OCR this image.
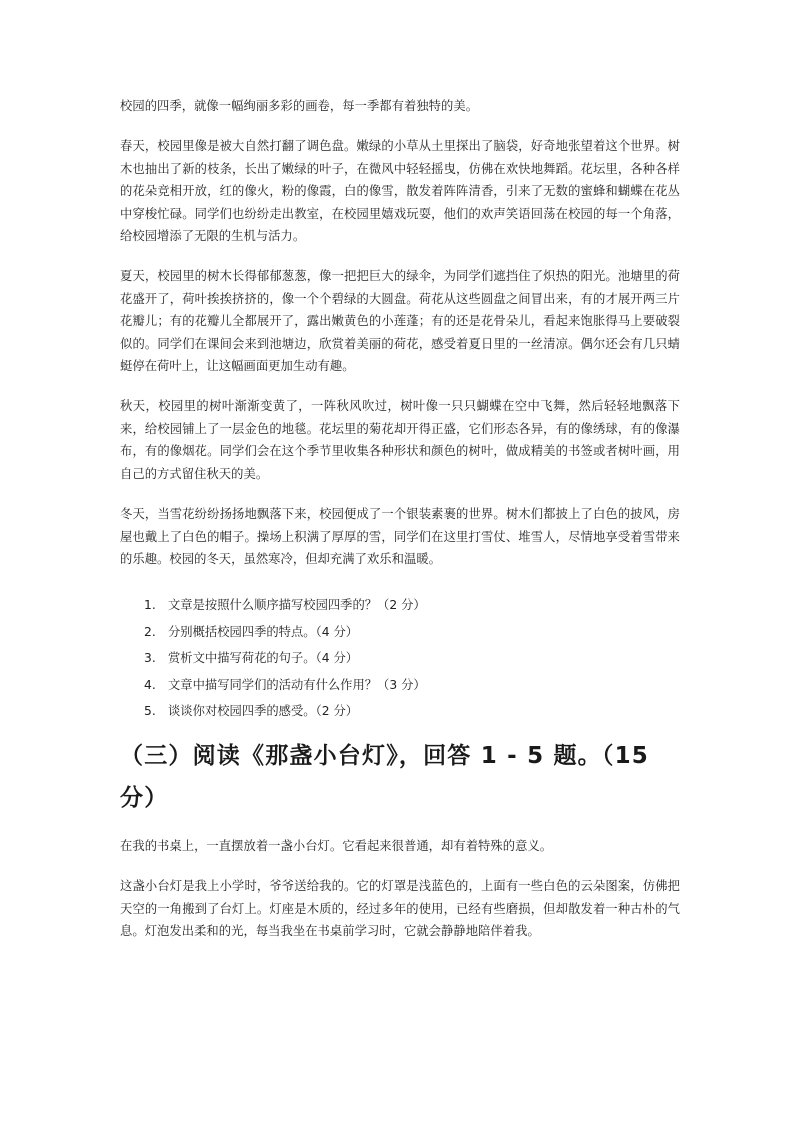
校园的四季，就像一幅绚丽多彩的画卷，每一季都有着独特的美。

春天，校园里像是被大自然打翻了调色盘。嫩绿的小草从土里探出了脑袋，好奇地张望着这个世界。树木也抽出了新的枝条，长出了嫩绿的叶子，在微风中轻轻摇曳，仿佛在欢快地舞蹈。花坛里，各种各样的花朵竞相开放，红的像火，粉的像霞，白的像雪，散发着阵阵清香，引来了无数的蜜蜂和蝴蝶在花丛中穿梭忙碌。同学们也纷纷走出教室，在校园里嬉戏玩耍，他们的欢声笑语回荡在校园的每一个角落，给校园增添了无限的生机与活力。

夏天，校园里的树木长得郁郁葱葱，像一把把巨大的绿伞，为同学们遮挡住了炽热的阳光。池塘里的荷花盛开了，荷叶挨挨挤挤的，像一个个碧绿的大圆盘。荷花从这些圆盘之间冒出来，有的才展开两三片花瓣儿；有的花瓣儿全都展开了，露出嫩黄色的小莲蓬；有的还是花骨朵儿，看起来饱胀得马上要破裂似的。同学们在课间会来到池塘边，欣赏着美丽的荷花，感受着夏日里的一丝清凉。偶尔还会有几只蜻蜓停在荷叶上，让这幅画面更加生动有趣。

秋天，校园里的树叶渐渐变黄了，一阵秋风吹过，树叶像一只只蝴蝶在空中飞舞，然后轻轻地飘落下来，给校园铺上了一层金色的地毯。花坛里的菊花却开得正盛，它们形态各异，有的像绣球，有的像瀑布，有的像烟花。同学们会在这个季节里收集各种形状和颜色的树叶，做成精美的书签或者树叶画，用自己的方式留住秋天的美。

冬天，当雪花纷纷扬扬地飘落下来，校园便成了一个银装素裹的世界。树木们都披上了白色的披风，房屋也戴上了白色的帽子。操场上积满了厚厚的雪，同学们在这里打雪仗、堆雪人，尽情地享受着雪带来的乐趣。校园的冬天，虽然寒冷，但却充满了欢乐和温暖。

1. 文章是按照什么顺序描写校园四季的？（2 分）
2. 分别概括校园四季的特点。（4 分）
3. 赏析文中描写荷花的句子。（4 分）
4. 文章中描写同学们的活动有什么作用？（3 分）
5. 谈谈你对校园四季的感受。（2 分）
（三）阅读《那盏小台灯》，回答 1 - 5 题。（15 分）

在我的书桌上，一直摆放着一盏小台灯。它看起来很普通，却有着特殊的意义。

这盏小台灯是我上小学时，爷爷送给我的。它的灯罩是浅蓝色的，上面有一些白色的云朵图案，仿佛把天空的一角搬到了台灯上。灯座是木质的，经过多年的使用，已经有些磨损，但却散发着一种古朴的气息。灯泡发出柔和的光，每当我坐在书桌前学习时，它就会静静地陪伴着我。
